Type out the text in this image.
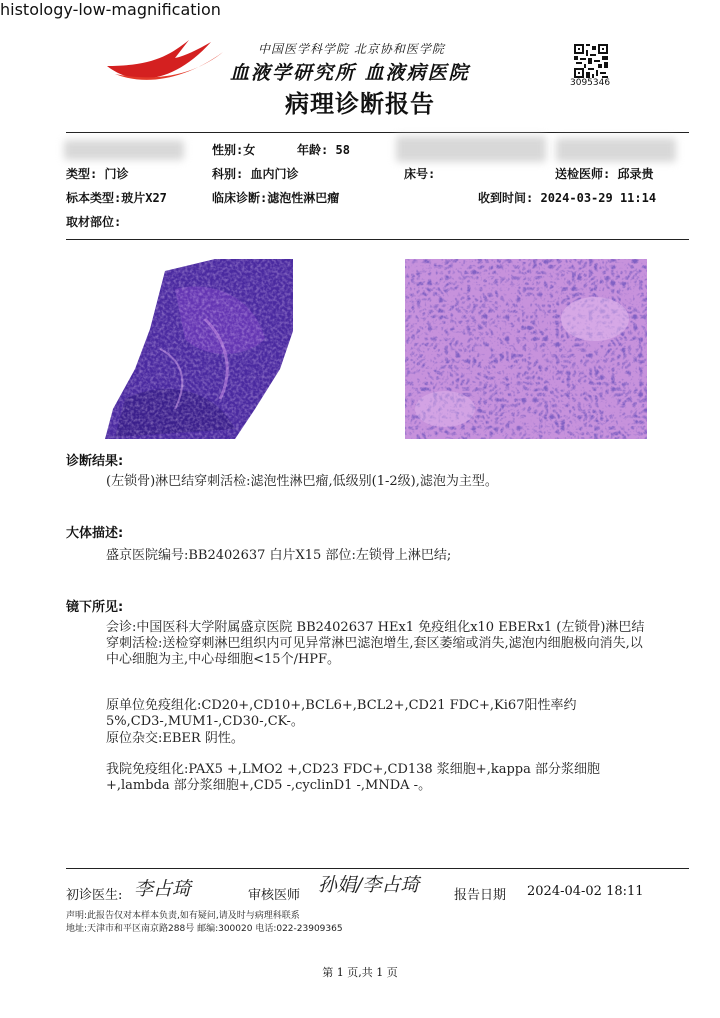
中国医学科学院 北京协和医学院
血液学研究所 血液病医院
病理诊断报告
3095346
性别:女	年龄: 58
类型: 门诊	科别: 血内门诊	床号:	送检医师: 邱录贵
标本类型:玻片X27	临床诊断:滤泡性淋巴瘤	收到时间: 2024-03-29 11:14
取材部位:
histology-low-magnification
诊断结果:
(左锁骨)淋巴结穿刺活检:滤泡性淋巴瘤,低级别(1-2级),滤泡为主型。
大体描述:
盛京医院编号:BB2402637 白片X15 部位:左锁骨上淋巴结;
镜下所见:
会诊:中国医科大学附属盛京医院 BB2402637 HEx1 免疫组化x10 EBERx1 (左锁骨)淋巴结穿刺活检:送检穿刺淋巴组织内可见异常淋巴滤泡增生,套区萎缩或消失,滤泡内细胞极向消失,以中心细胞为主,中心母细胞<15个/HPF。
原单位免疫组化:CD20+,CD10+,BCL6+,BCL2+,CD21 FDC+,Ki67阳性率约5%,CD3-,MUM1-,CD30-,CK-。
原位杂交:EBER 阴性。
我院免疫组化:PAX5 +,LMO2 +,CD23 FDC+,CD138 浆细胞+,kappa 部分浆细胞+,lambda 部分浆细胞+,CD5 -,cyclinD1 -,MNDA -。
初诊医生: 李占琦	审核医师 孙娟/李占琦	报告日期 2024-04-02 18:11
声明:此报告仅对本样本负责,如有疑问,请及时与病理科联系
地址:天津市和平区南京路288号 邮编:300020 电话:022-23909365
第 1 页,共 1 页
